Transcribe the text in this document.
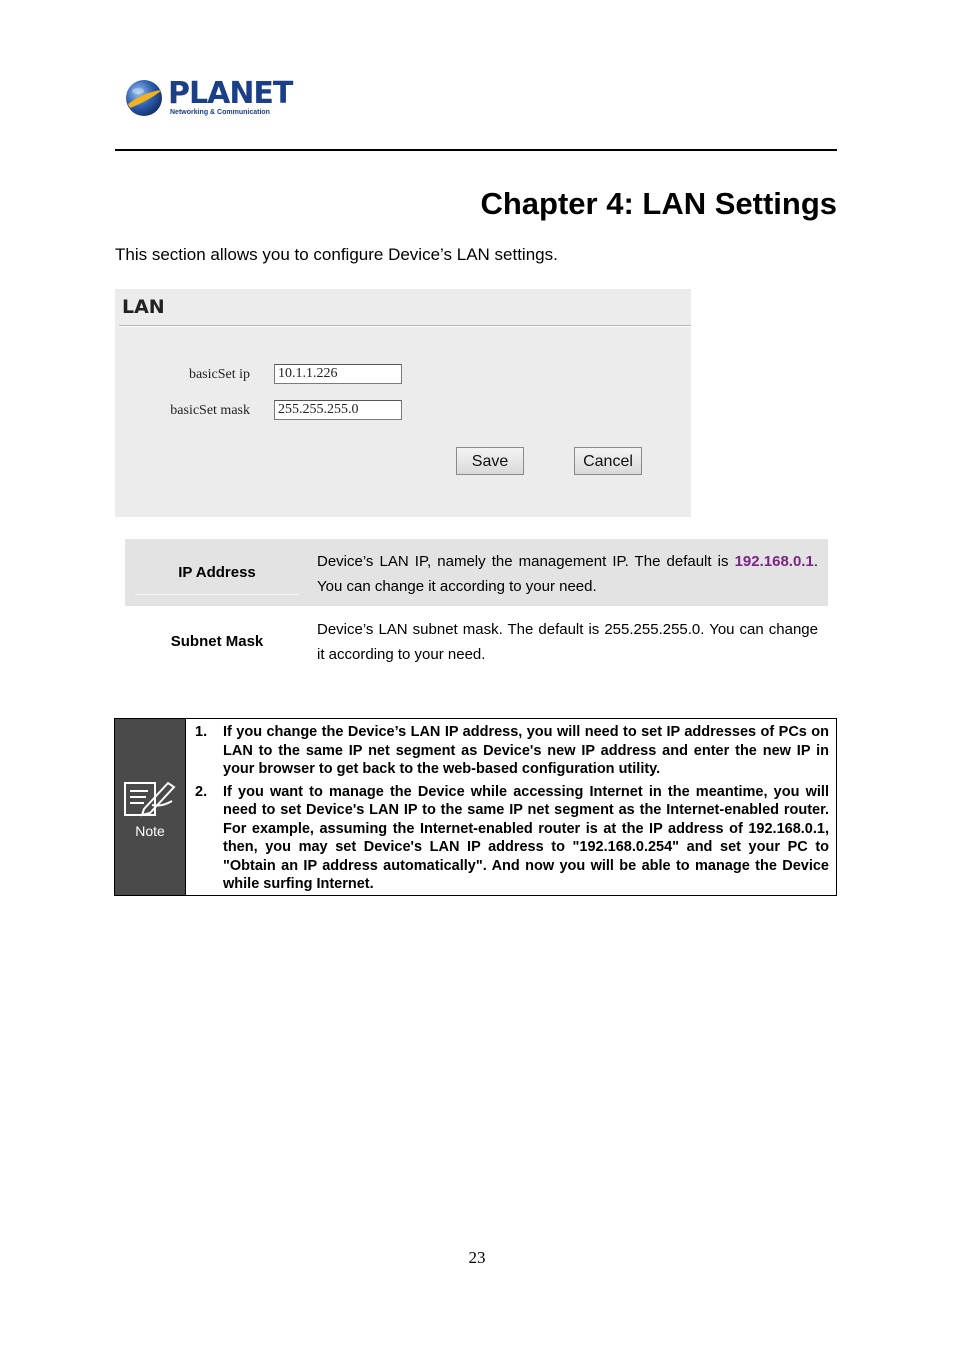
PLANET
Networking & Communication
Chapter 4: LAN Settings
This section allows you to configure Device’s LAN settings.
LAN
basicSet ip 10.1.1.226
basicSet mask 255.255.255.0
Save	Cancel
IP Address
Device’s LAN IP, namely the management IP. The default is 192.168.0.1. You can change it according to your need.
Subnet Mask
Device’s LAN subnet mask. The default is 255.255.255.0. You can change it according to your need.
Note
1. If you change the Device’s LAN IP address, you will need to set IP addresses of PCs on LAN to the same IP net segment as Device's new IP address and enter the new IP in your browser to get back to the web-based configuration utility.
2. If you want to manage the Device while accessing Internet in the meantime, you will need to set Device's LAN IP to the same IP net segment as the Internet-enabled router. For example, assuming the Internet-enabled router is at the IP address of 192.168.0.1, then, you may set Device's LAN IP address to "192.168.0.254" and set your PC to "Obtain an IP address automatically". And now you will be able to manage the Device while surfing Internet.
23
